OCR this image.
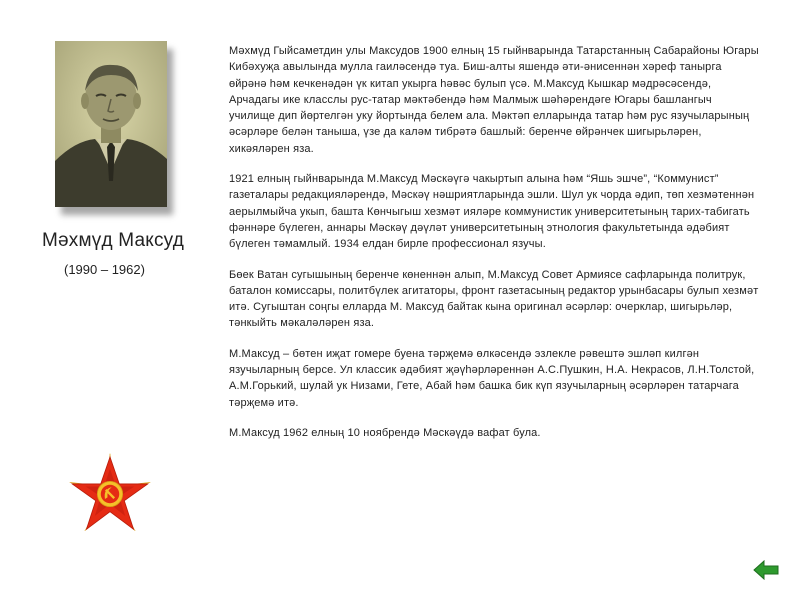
Мәхмүд Максуд
(1990 – 1962)

Мәхмүд Гыйсаметдин улы Максудов 1900 елның 15 гыйнварында Татарстанның Сабарайоны Югары Кибәхуҗа авылында мулла гаиләсендә туа. Биш-алты яшендә әти-әнисеннән хәреф танырга өйрәнә һәм кечкенәдән үк китап укырга һәвәс булып үсә. М.Максуд Кышкар мәдрәсәсендә, Арчадагы ике класслы рус-татар мәктәбендә һәм Малмыж шәһәрендәге Югары башлангыч училище дип йөртелгән уку йортында белем ала. Мәктәп елларында татар һәм рус язучыларының әсәрләре белән таныша, үзе да каләм тибрәтә башлый: беренче өйрәнчек шигырьләрен, хикәяләрен яза.

1921 елның гыйнварында М.Максуд Мәскәүгә чакыртып алына һәм “Яшь эшче”, “Коммунист” газеталары редакцияләрендә, Мәскәү нәшриятларында эшли. Шул ук чорда әдип, төп хезмәтеннән аерылмыйча укып, башта Көнчыгыш хезмәт ияләре коммунистик университетының тарих-табигать фәннәре бүлеген, аннары Мәскәү дәүләт университетының этнология факультетында әдәбият бүлеген тәмамлый. 1934 елдан бирле профессионал язучы.

Бөек Ватан сугышының беренче көненнән алып, М.Максуд Совет Армиясе сафларында политрук, баталон комиссары, политбүлек агитаторы, фронт газетасының редактор урынбасары булып хезмәт итә. Сугыштан соңгы елларда М. Максуд байтак кына оригинал әсәрләр: очерклар, шигырьләр, тәнкыйть мәкаләләрен яза.

М.Максуд – бөтен иҗат гомере буена тәрҗемә өлкәсендә эзлекле рәвештә эшләп килгән язучыларның берсе. Ул классик әдәбият җәүһәрләреннән А.С.Пушкин, Н.А. Некрасов, Л.Н.Толстой, А.М.Горький, шулай ук Низами, Гете, Абай һәм башка бик күп язучыларның әсәрләрен татарчага тәрҗемә итә.

М.Максуд 1962 елның 10 ноябрендә Мәскәүдә вафат була.
